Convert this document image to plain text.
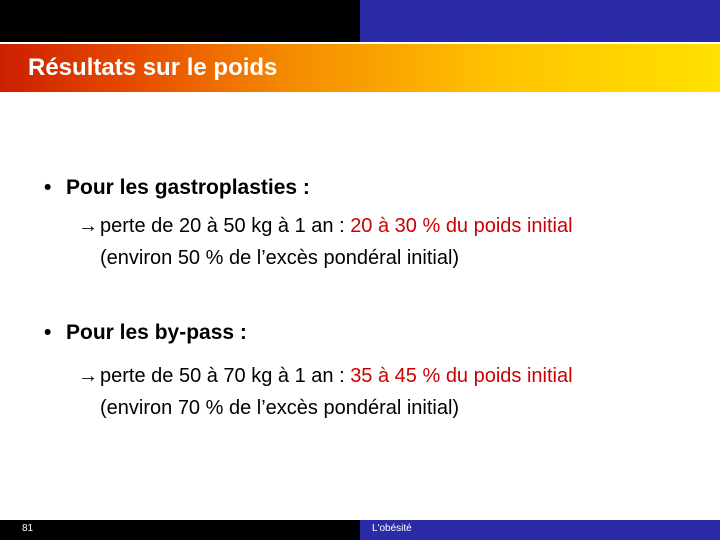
Résultats sur le poids
• Pour les gastroplasties :
→ perte de 20 à 50 kg à 1 an : 20 à 30 % du poids initial
(environ 50 % de l’excès pondéral initial)
• Pour les by-pass :
→ perte de 50 à 70 kg à 1 an : 35 à 45 % du poids initial
(environ 70 % de l’excès pondéral initial)
81	L'obésité
